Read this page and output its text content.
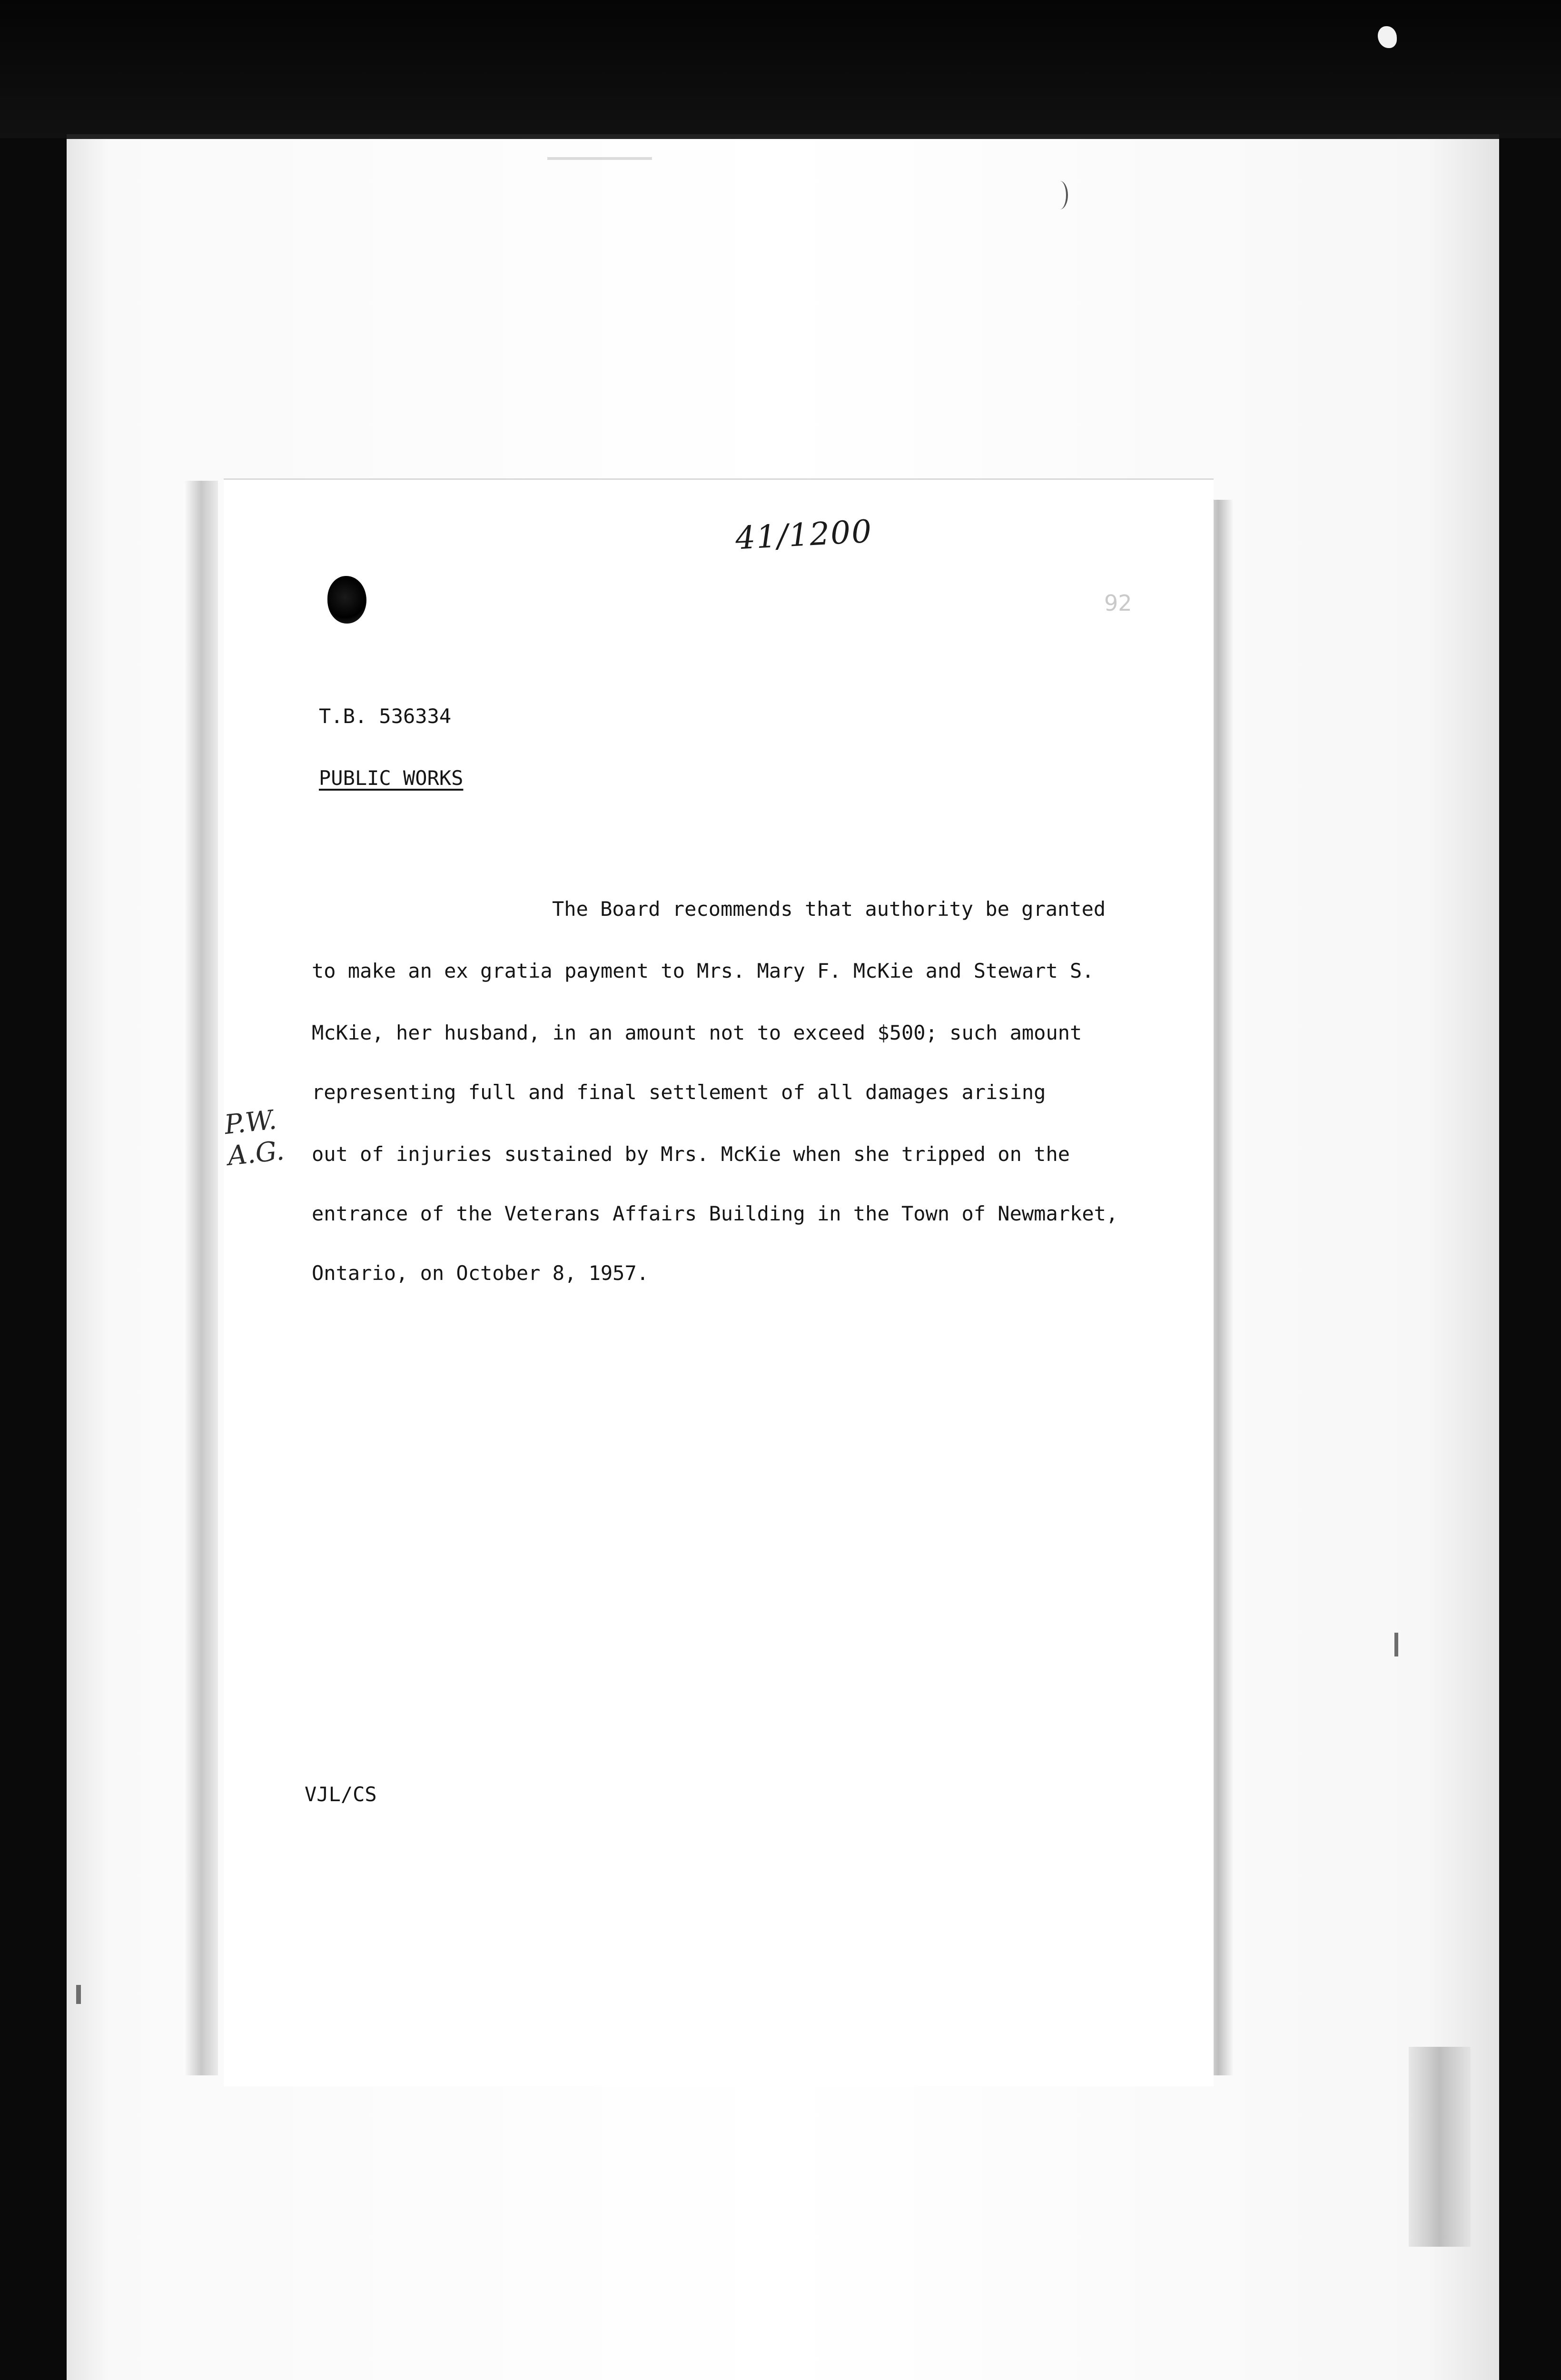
41/1200
92
T.B. 536334
PUBLIC WORKS
The Board recommends that authority be granted
to make an ex gratia payment to Mrs. Mary F. McKie and Stewart S.
McKie, her husband, in an amount not to exceed $500; such amount
representing full and final settlement of all damages arising
out of injuries sustained by Mrs. McKie when she tripped on the
entrance of the Veterans Affairs Building in the Town of Newmarket,
Ontario, on October 8, 1957.
P.W.
A.G.
VJL/CS
